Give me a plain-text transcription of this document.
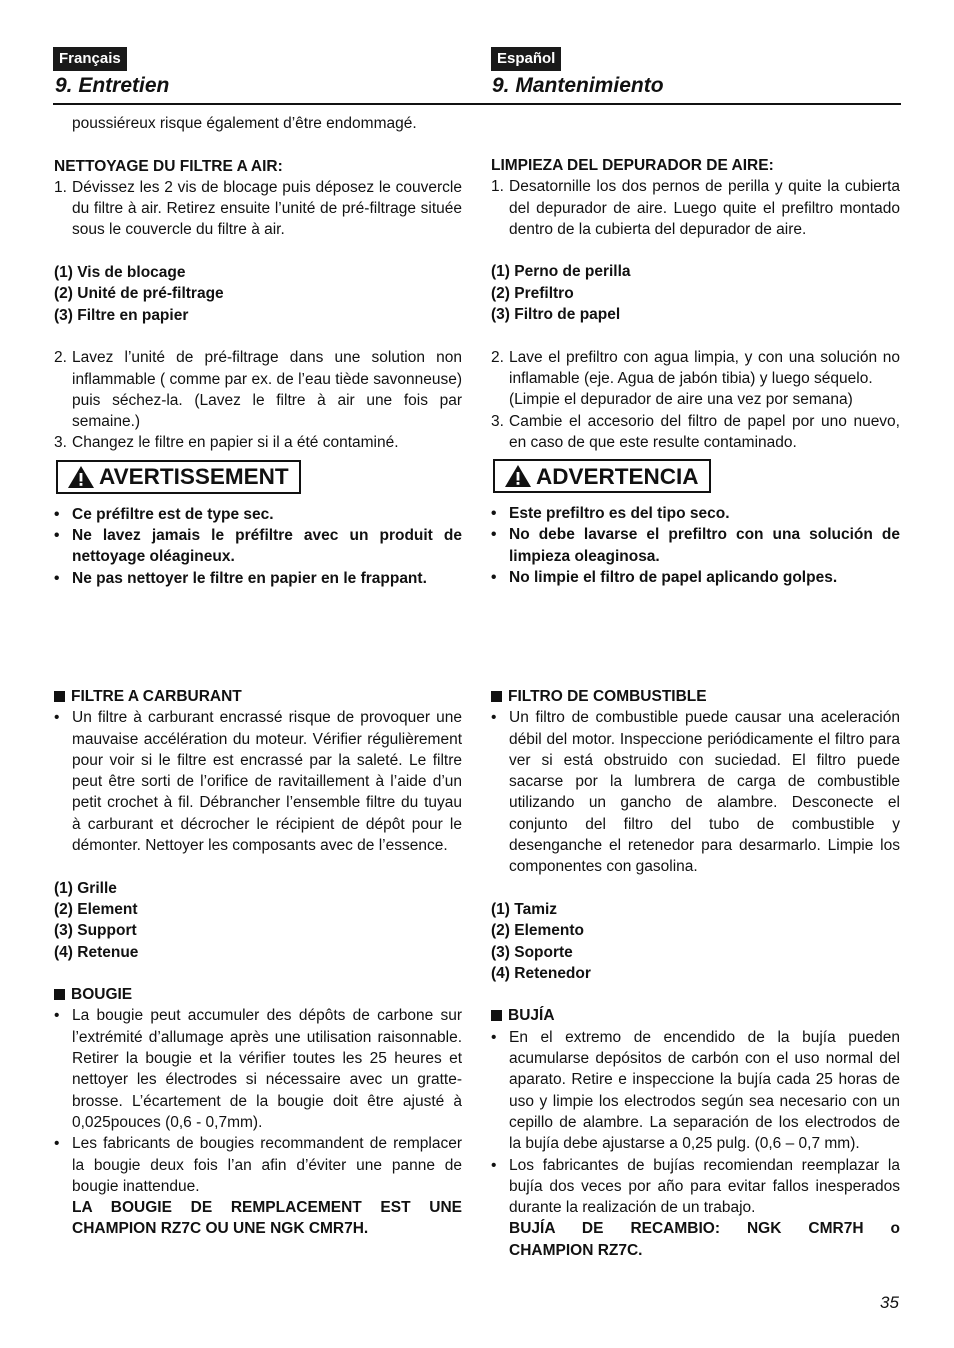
Français	Español
9. Entretien	9. Mantenimiento

poussiéreux risque également d’être endommagé.

NETTOYAGE DU FILTRE A AIR:

1. Dévissez les 2 vis de blocage puis déposez le couvercle du filtre à air. Retirez ensuite l’unité de pré-filtrage située sous le couvercle du filtre à air.

(1) Vis de blocage

(2) Unité de pré-filtrage

(3) Filtre en papier

2. Lavez l’unité de pré-filtrage dans une solution non inflammable ( comme par ex. de l’eau tiède savonneuse) puis séchez-la. (Lavez le filtre à air une fois par semaine.)
3. Changez le filtre en papier si il a été contaminé.
AVERTISSEMENT
• Ce préfiltre est de type sec.
• Ne lavez jamais le préfiltre avec un produit de nettoyage oléagineux.
• Ne pas nettoyer le filtre en papier en le frappant.

FILTRE A CARBURANT

• Un filtre à carburant encrassé risque de provoquer une mauvaise accélération du moteur. Vérifier régulièrement pour voir si le filtre est encrassé par la saleté. Le filtre peut être sorti de l’orifice de ravitaillement à l’aide d’un petit crochet à fil. Débrancher l’ensemble filtre du tuyau à carburant et décrocher le récipient de dépôt pour le démonter. Nettoyer les composants avec de l’essence.

(1) Grille

(2) Element

(3) Support

(4) Retenue

BOUGIE

• La bougie peut accumuler des dépôts de carbone sur l’extrémité d’allumage après une utilisation raisonnable. Retirer la bougie et la vérifier toutes les 25 heures et nettoyer les électrodes si nécessaire avec un gratte-brosse. L’écartement de la bougie doit être ajusté à 0,025pouces (0,6 - 0,7mm).
• Les fabricants de bougies recommandent de remplacer la bougie deux fois l’an afin d’éviter une panne de bougie inattendue.

LA BOUGIE DE REMPLACEMENT EST UNE

CHAMPION RZ7C OU UNE NGK CMR7H.

LIMPIEZA DEL DEPURADOR DE AIRE:

1. Desatornille los dos pernos de perilla y quite la cubierta del depurador de aire. Luego quite el prefiltro montado dentro de la cubierta del depurador de aire.

(1) Perno de perilla

(2) Prefiltro

(3) Filtro de papel

2. Lave el prefiltro con agua limpia, y con una solución no inflamable (eje. Agua de jabón tibia) y luego séquelo.

(Limpie el depurador de aire una vez por semana)

3. Cambie el accesorio del filtro de papel por uno nuevo, en caso de que este resulte contaminado.
ADVERTENCIA
• Este prefiltro es del tipo seco.
• No debe lavarse el prefiltro con una solución de limpieza oleaginosa.
• No limpie el filtro de papel aplicando golpes.

FILTRO DE COMBUSTIBLE

• Un filtro de combustible puede causar una aceleración débil del motor. Inspeccione periódicamente el filtro para ver si está obstruido con suciedad. El filtro puede sacarse por la lumbrera de carga de combustible utilizando un gancho de alambre. Desconecte el conjunto del filtro del tubo de combustible y desenganche el retenedor para desarmarlo. Limpie los componentes con gasolina.

(1) Tamiz

(2) Elemento

(3) Soporte

(4) Retenedor

BUJÍA

• En el extremo de encendido de la bujía pueden acumularse depósitos de carbón con el uso normal del aparato. Retire e inspeccione la bujía cada 25 horas de uso y limpie los electrodos según sea necesario con un cepillo de alambre. La separación de los electrodos de la bujía debe ajustarse a 0,25 pulg. (0,6 – 0,7 mm).
• Los fabricantes de bujías recomiendan reemplazar la bujía dos veces por año para evitar fallos inesperados durante la realización de un trabajo.

BUJÍA DE RECAMBIO: NGK CMR7H o

CHAMPION RZ7C.

35
